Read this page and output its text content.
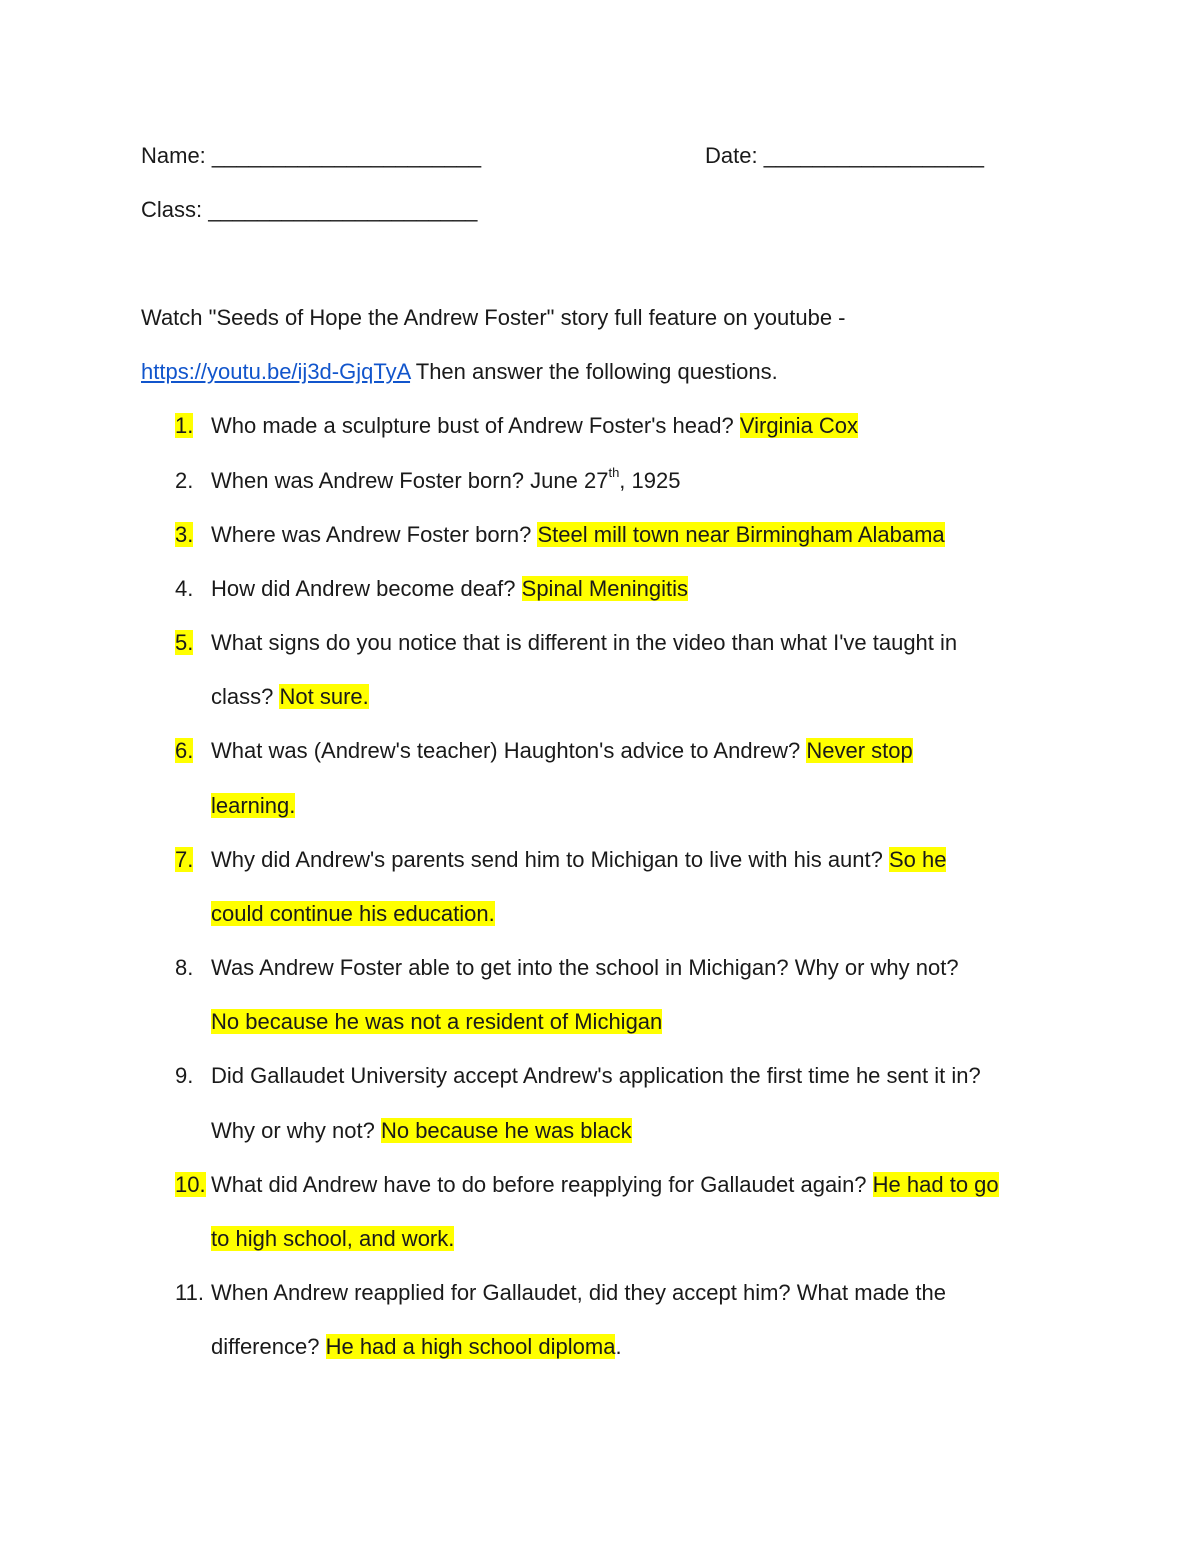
Name: ______________________	Date: __________________
Class: ______________________
Watch "Seeds of Hope the Andrew Foster" story full feature on youtube -
https://youtu.be/ij3d-GjqTyA Then answer the following questions.
1. Who made a sculpture bust of Andrew Foster's head? Virginia Cox
2. When was Andrew Foster born? June 27th, 1925
3. Where was Andrew Foster born? Steel mill town near Birmingham Alabama
4. How did Andrew become deaf? Spinal Meningitis
5. What signs do you notice that is different in the video than what I've taught in
class? Not sure.
6. What was (Andrew's teacher) Haughton's advice to Andrew? Never stop
learning.
7. Why did Andrew's parents send him to Michigan to live with his aunt? So he
could continue his education.
8. Was Andrew Foster able to get into the school in Michigan? Why or why not?
No because he was not a resident of Michigan
9. Did Gallaudet University accept Andrew's application the first time he sent it in?
Why or why not? No because he was black
10. What did Andrew have to do before reapplying for Gallaudet again? He had to go
to high school, and work.
11. When Andrew reapplied for Gallaudet, did they accept him? What made the
difference? He had a high school diploma.
